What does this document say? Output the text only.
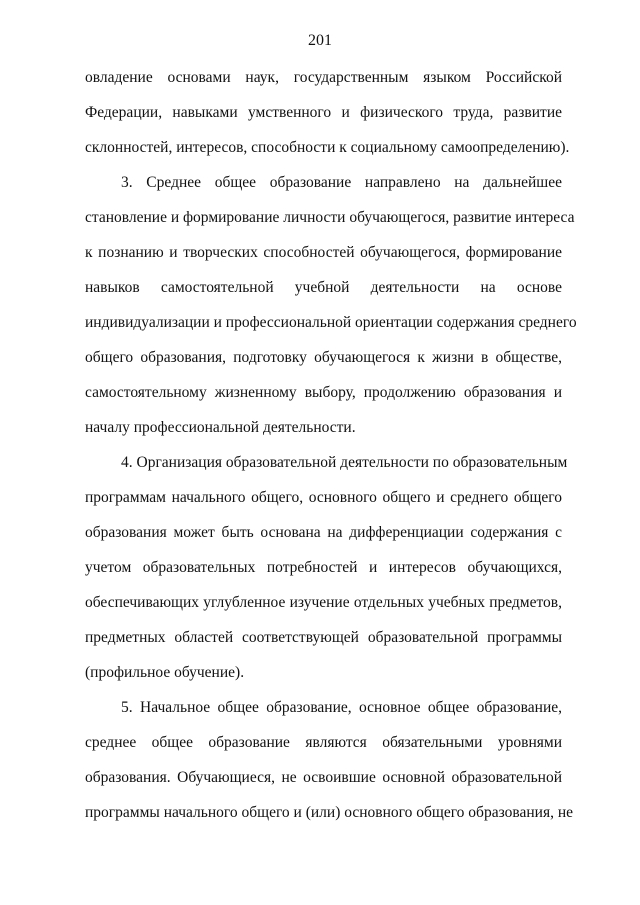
201
овладение основами наук, государственным языком Российской
Федерации, навыками умственного и физического труда, развитие
склонностей, интересов, способности к социальному самоопределению).
3. Среднее общее образование направлено на дальнейшее
становление и формирование личности обучающегося, развитие интереса
к познанию и творческих способностей обучающегося, формирование
навыков самостоятельной учебной деятельности на основе
индивидуализации и профессиональной ориентации содержания среднего
общего образования, подготовку обучающегося к жизни в обществе,
самостоятельному жизненному выбору, продолжению образования и
началу профессиональной деятельности.
4. Организация образовательной деятельности по образовательным
программам начального общего, основного общего и среднего общего
образования может быть основана на дифференциации содержания с
учетом образовательных потребностей и интересов обучающихся,
обеспечивающих углубленное изучение отдельных учебных предметов,
предметных областей соответствующей образовательной программы
(профильное обучение).
5. Начальное общее образование, основное общее образование,
среднее общее образование являются обязательными уровнями
образования. Обучающиеся, не освоившие основной образовательной
программы начального общего и (или) основного общего образования, не
